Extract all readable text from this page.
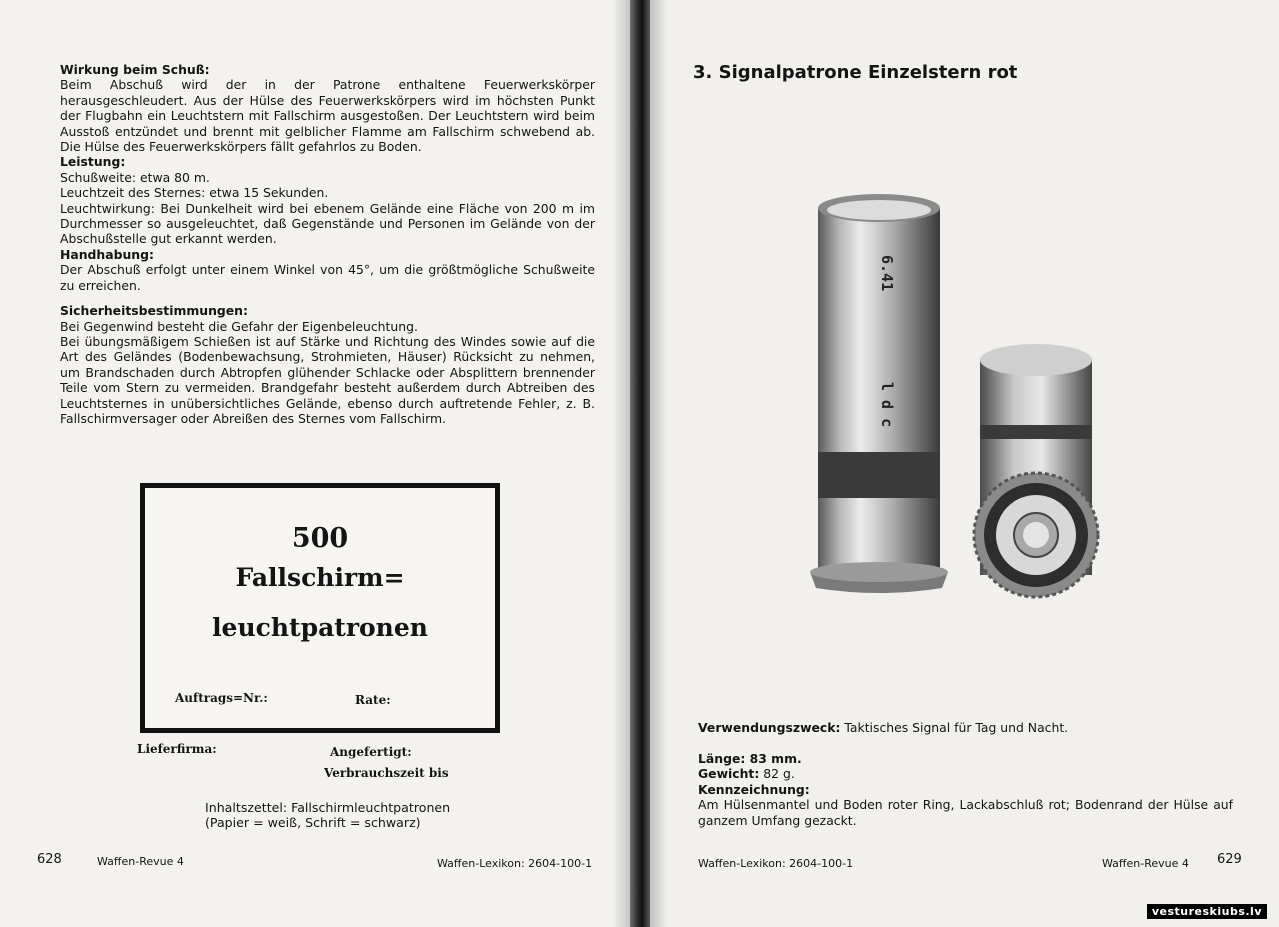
Wirkung beim Schuß:

Beim Abschuß wird der in der Patrone enthaltene Feuerwerkskörper herausgeschleudert. Aus der Hülse des Feuerwerkskörpers wird im höchsten Punkt der Flugbahn ein Leuchtstern mit Fallschirm ausgestoßen. Der Leuchtstern wird beim Ausstoß entzündet und brennt mit gelblicher Flamme am Fallschirm schwebend ab. Die Hülse des Feuerwerkskörpers fällt gefahrlos zu Boden.

Leistung:

Schußweite: etwa 80 m.

Leuchtzeit des Sternes: etwa 15 Sekunden.

Leuchtwirkung: Bei Dunkelheit wird bei ebenem Gelände eine Fläche von 200 m im Durchmesser so ausgeleuchtet, daß Gegenstände und Personen im Gelände von der Abschußstelle gut erkannt werden.

Handhabung:

Der Abschuß erfolgt unter einem Winkel von 45°, um die größtmögliche Schußweite zu erreichen.

Sicherheitsbestimmungen:

Bei Gegenwind besteht die Gefahr der Eigenbeleuchtung.

Bei übungsmäßigem Schießen ist auf Stärke und Richtung des Windes sowie auf die Art des Geländes (Bodenbewachsung, Strohmieten, Häuser) Rücksicht zu nehmen, um Brandschaden durch Abtropfen glühender Schlacke oder Absplittern brennender Teile vom Stern zu vermeiden. Brandgefahr besteht außerdem durch Abtreiben des Leuchtsternes in unübersichtliches Gelände, ebenso durch auftretende Fehler, z. B. Fallschirmversager oder Abreißen des Sternes vom Fallschirm.

500
Fallschirm=
leuchtpatronen
Auftrags=Nr.:	Rate:
Lieferfirma:	Angefertigt:
Verbrauchszeit bis
Inhaltszettel: Fallschirmleuchtpatronen
(Papier = weiß, Schrift = schwarz)
628	Waffen-Revue 4	Waffen-Lexikon: 2604-100-1
3. Signalpatrone Einzelstern rot
6.41
l d c
Verwendungszweck: Taktisches Signal für Tag und Nacht.
Länge: 83 mm.
Gewicht: 82 g.
Kennzeichnung:
Am Hülsenmantel und Boden roter Ring, Lackabschluß rot; Bodenrand der Hülse auf ganzem Umfang gezackt.
Waffen-Lexikon: 2604-100-1	Waffen-Revue 4 629
vestureskiubs.lv
